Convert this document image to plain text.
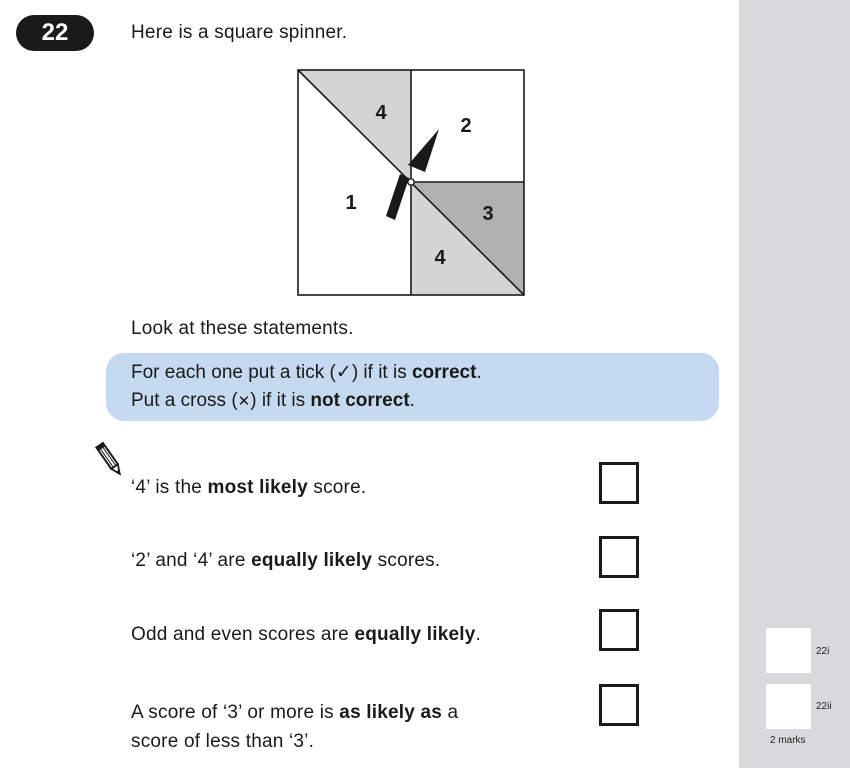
22	Here is a square spinner.
4
2
1	3
4
Look at these statements.
For each one put a tick (✓) if it is correct.
Put a cross (✕) if it is not correct.
‘4’ is the most likely score.
‘2’ and ‘4’ are equally likely scores.
Odd and even scores are equally likely.
A score of ‘3’ or more is as likely as a
score of less than ‘3’.
22i
22ii
2 marks
